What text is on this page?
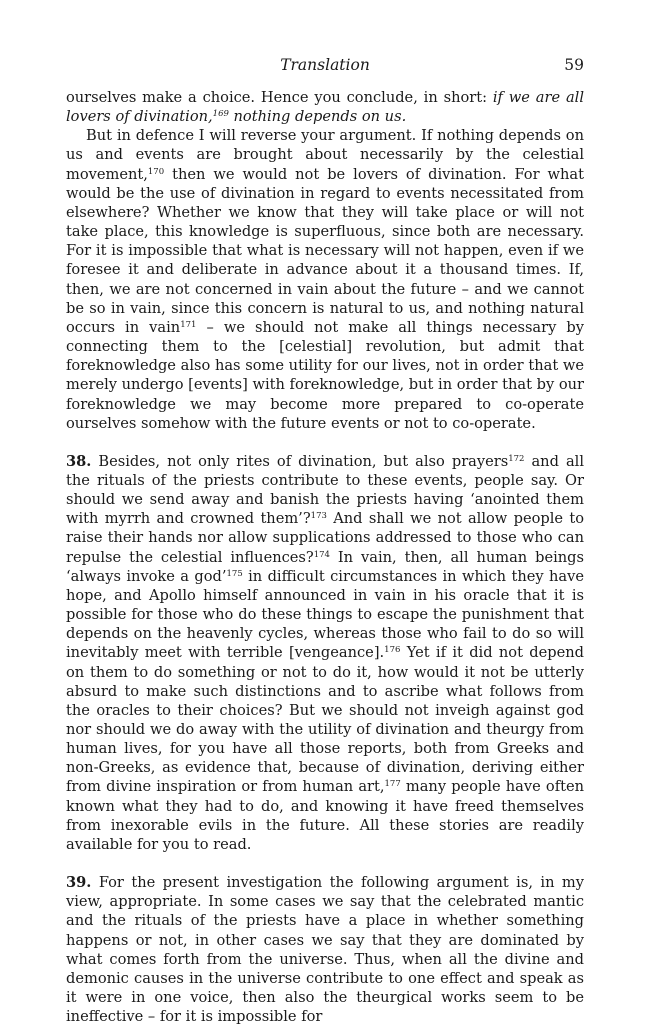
Translation	59

ourselves make a choice. Hence you conclude, in short: if we are all lovers of divination,$^{169}$ nothing depends on us.

But in defence I will reverse your argument. If nothing depends on us and events are brought about necessarily by the celestial movement,$^{170}$ then we would not be lovers of divination. For what would be the use of divination in regard to events necessitated from elsewhere? Whether we know that they will take place or will not take place, this knowledge is superfluous, since both are necessary. For it is impossible that what is necessary will not happen, even if we foresee it and deliberate in advance about it a thousand times. If, then, we are not concerned in vain about the future – and we cannot be so in vain, since this concern is natural to us, and nothing natural occurs in vain$^{171}$ – we should not make all things necessary by connecting them to the [celestial] revolution, but admit that foreknowledge also has some utility for our lives, not in order that we merely undergo [events] with foreknowledge, but in order that by our foreknowledge we may become more prepared to co-operate ourselves somehow with the future events or not to co-operate.

38. Besides, not only rites of divination, but also prayers$^{172}$ and all the rituals of the priests contribute to these events, people say. Or should we send away and banish the priests having ‘anointed them with myrrh and crowned them’?$^{173}$ And shall we not allow people to raise their hands nor allow supplications addressed to those who can repulse the celestial influences?$^{174}$ In vain, then, all human beings ‘always invoke a god’$^{175}$ in difficult circumstances in which they have hope, and Apollo himself announced in vain in his oracle that it is possible for those who do these things to escape the punishment that depends on the heavenly cycles, whereas those who fail to do so will inevitably meet with terrible [vengeance].$^{176}$ Yet if it did not depend on them to do something or not to do it, how would it not be utterly absurd to make such distinctions and to ascribe what follows from the oracles to their choices? But we should not inveigh against god nor should we do away with the utility of divination and theurgy from human lives, for you have all those reports, both from Greeks and non-Greeks, as evidence that, because of divination, deriving either from divine inspiration or from human art,$^{177}$ many people have often known what they had to do, and knowing it have freed themselves from inexorable evils in the future. All these stories are readily available for you to read.

39. For the present investigation the following argument is, in my view, appropriate. In some cases we say that the celebrated mantic and the rituals of the priests have a place in whether something happens or not, in other cases we say that they are dominated by what comes forth from the universe. Thus, when all the divine and demonic causes in the universe contribute to one effect and speak as it were in one voice, then also the theurgical works seem to be ineffective – for it is impossible for
